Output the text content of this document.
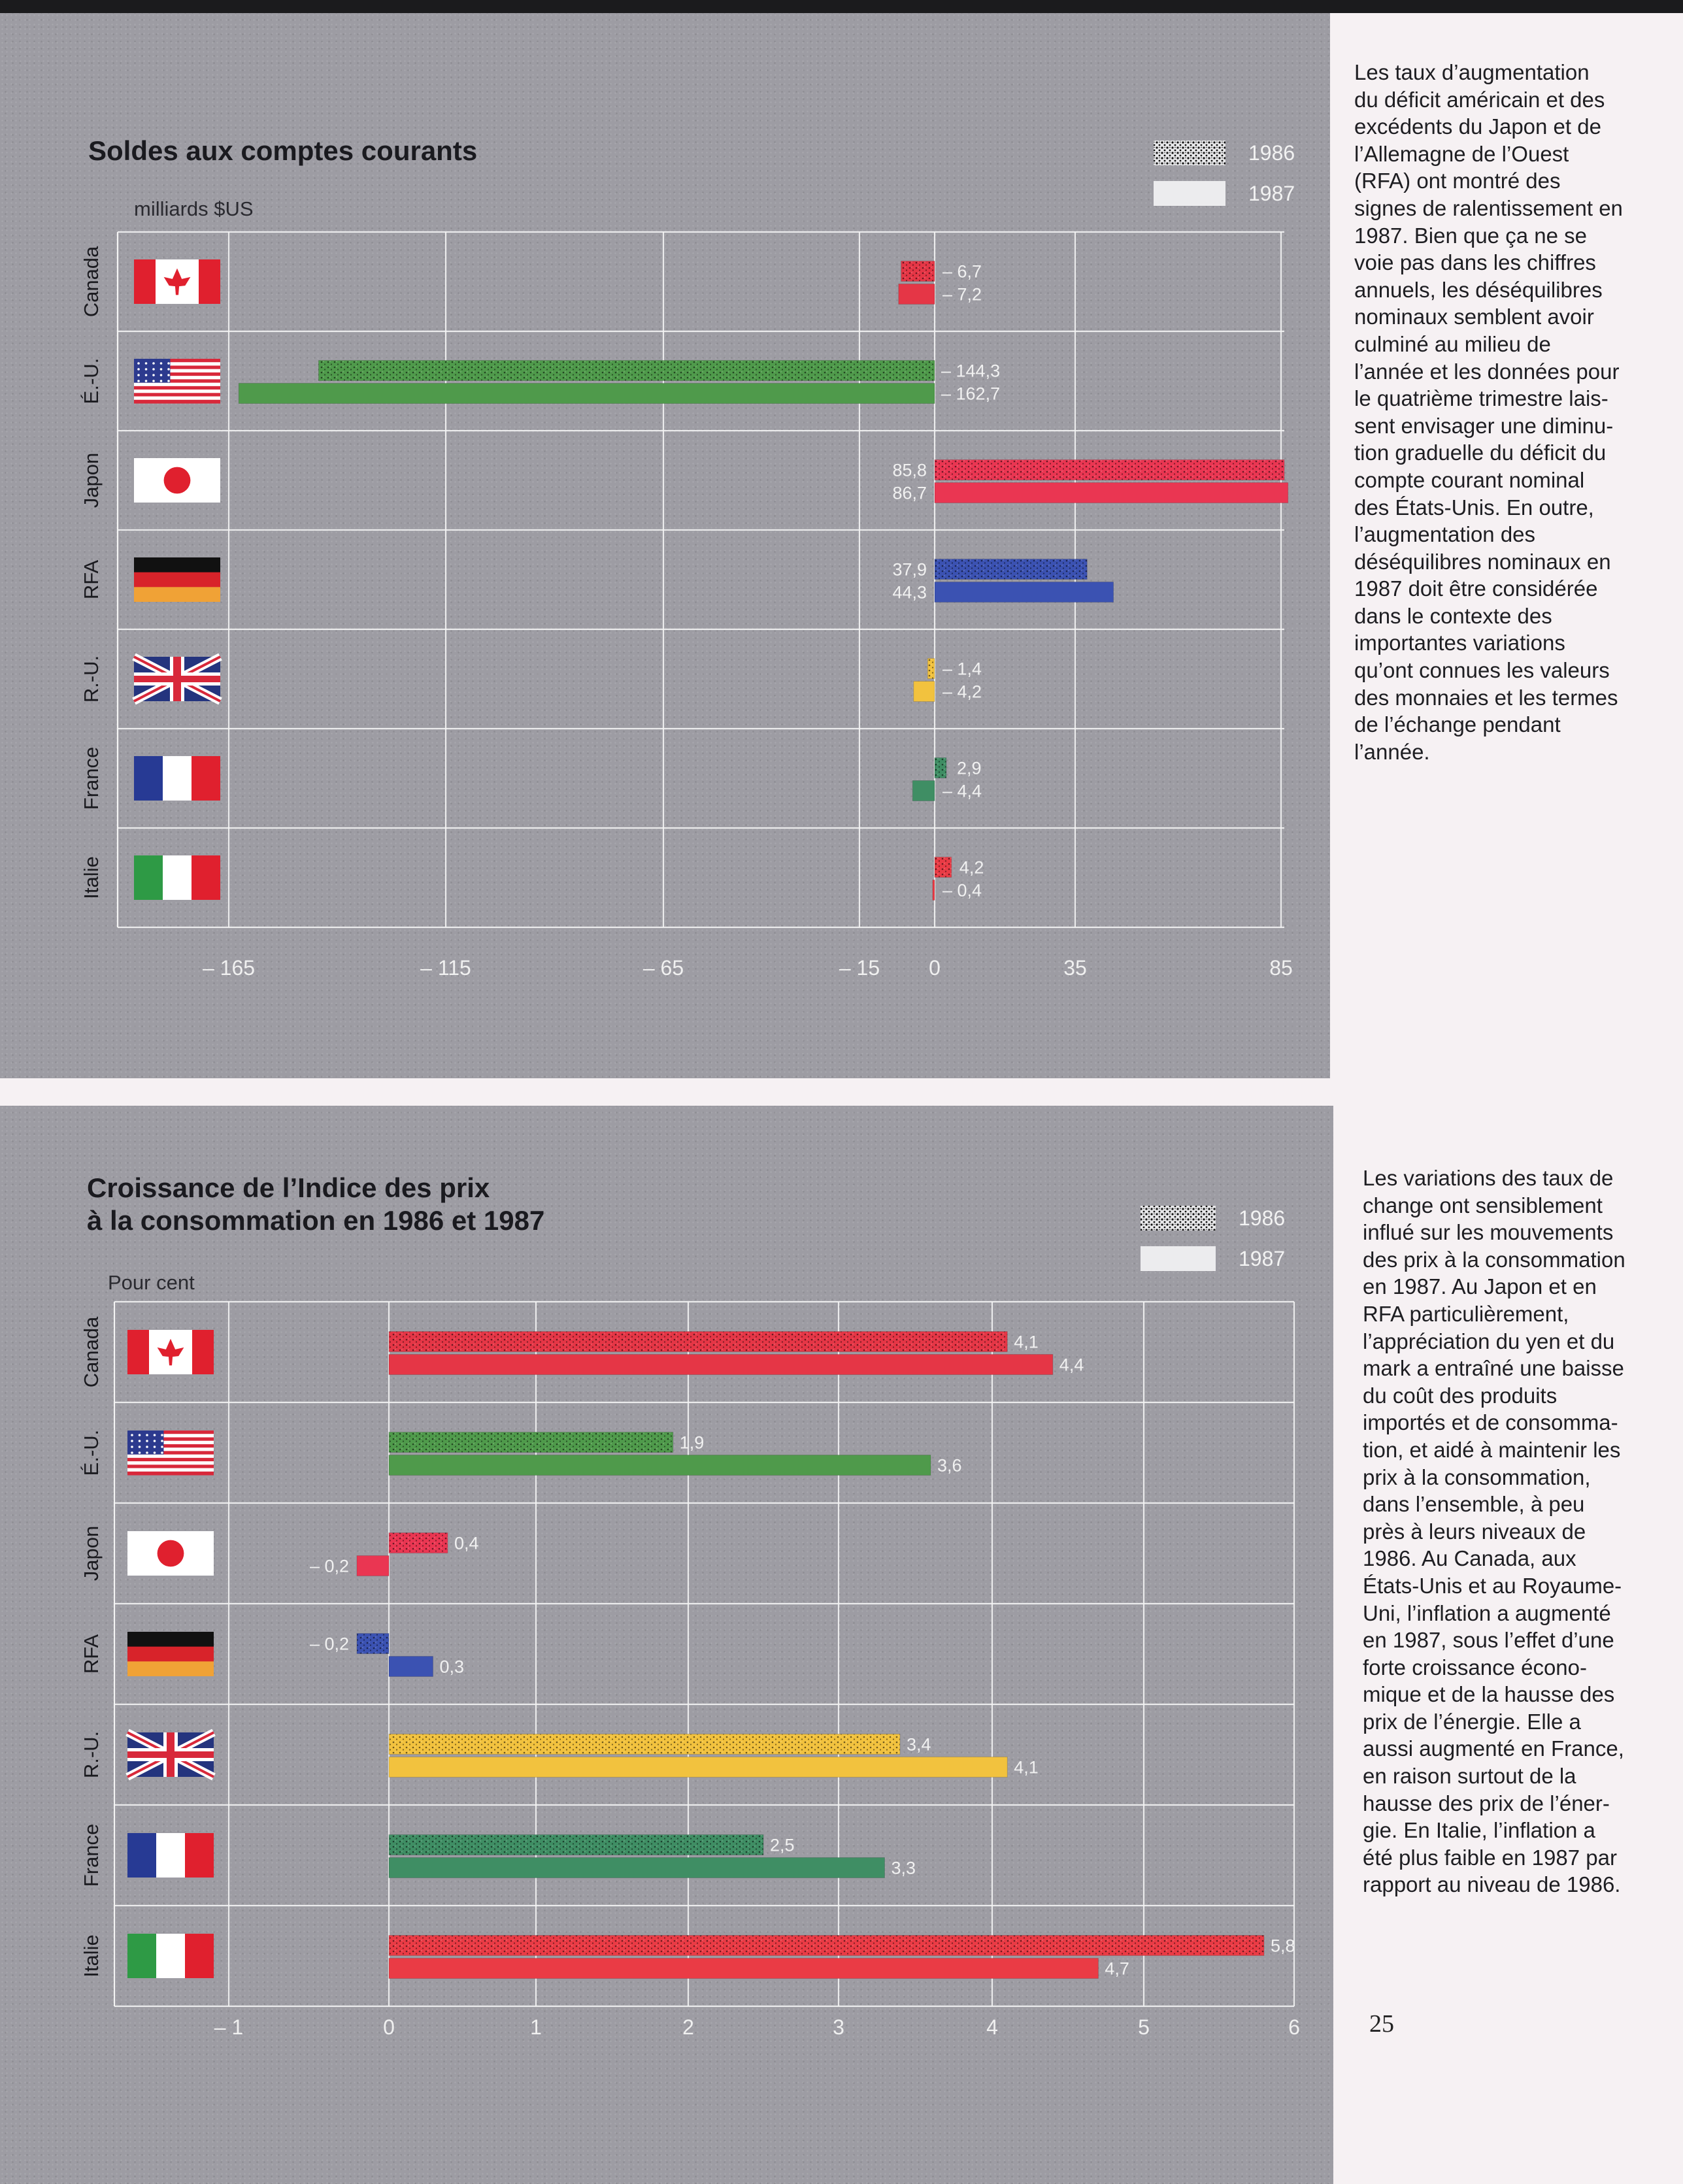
Soldes aux comptes courants
milliards $US
1986
1987
– 165	– 115	– 65	– 15 0	35	85
Canada	– 6,7
– 7,2
É.-U.	– 144,3
– 162,7
Japon	85,8
86,7
RFA	37,9
44,3
R.-U.	– 1,4
– 4,2
France	2,9
– 4,4
Italie	4,2
– 0,4
Croissance de l’Indice des prix
à la consommation en 1986 et 1987
Pour cent
1986
1987
– 1	0	1	2	3	4	5	6
Canada	4,1
4,4
É.-U.	1,9
3,6
Japon	0,4
– 0,2
RFA	– 0,2
0,3
R.-U.	3,4
4,1
France	2,5
3,3
Italie	5,8
4,7
Les taux d’augmentation
du déficit américain et des
excédents du Japon et de
l’Allemagne de l’Ouest
(RFA) ont montré des
signes de ralentissement en
1987. Bien que ça ne se
voie pas dans les chiffres
annuels, les déséquilibres
nominaux semblent avoir
culminé au milieu de
l’année et les données pour
le quatrième trimestre lais-
sent envisager une diminu-
tion graduelle du déficit du
compte courant nominal
des États-Unis. En outre,
l’augmentation des
déséquilibres nominaux en
1987 doit être considérée
dans le contexte des
importantes variations
qu’ont connues les valeurs
des monnaies et les termes
de l’échange pendant
l’année.
Les variations des taux de
change ont sensiblement
influé sur les mouvements
des prix à la consommation
en 1987. Au Japon et en
RFA particulièrement,
l’appréciation du yen et du
mark a entraîné une baisse
du coût des produits
importés et de consomma-
tion, et aidé à maintenir les
prix à la consommation,
dans l’ensemble, à peu
près à leurs niveaux de
1986. Au Canada, aux
États-Unis et au Royaume-
Uni, l’inflation a augmenté
en 1987, sous l’effet d’une
forte croissance écono-
mique et de la hausse des
prix de l’énergie. Elle a
aussi augmenté en France,
en raison surtout de la
hausse des prix de l’éner-
gie. En Italie, l’inflation a
été plus faible en 1987 par
rapport au niveau de 1986.
25
